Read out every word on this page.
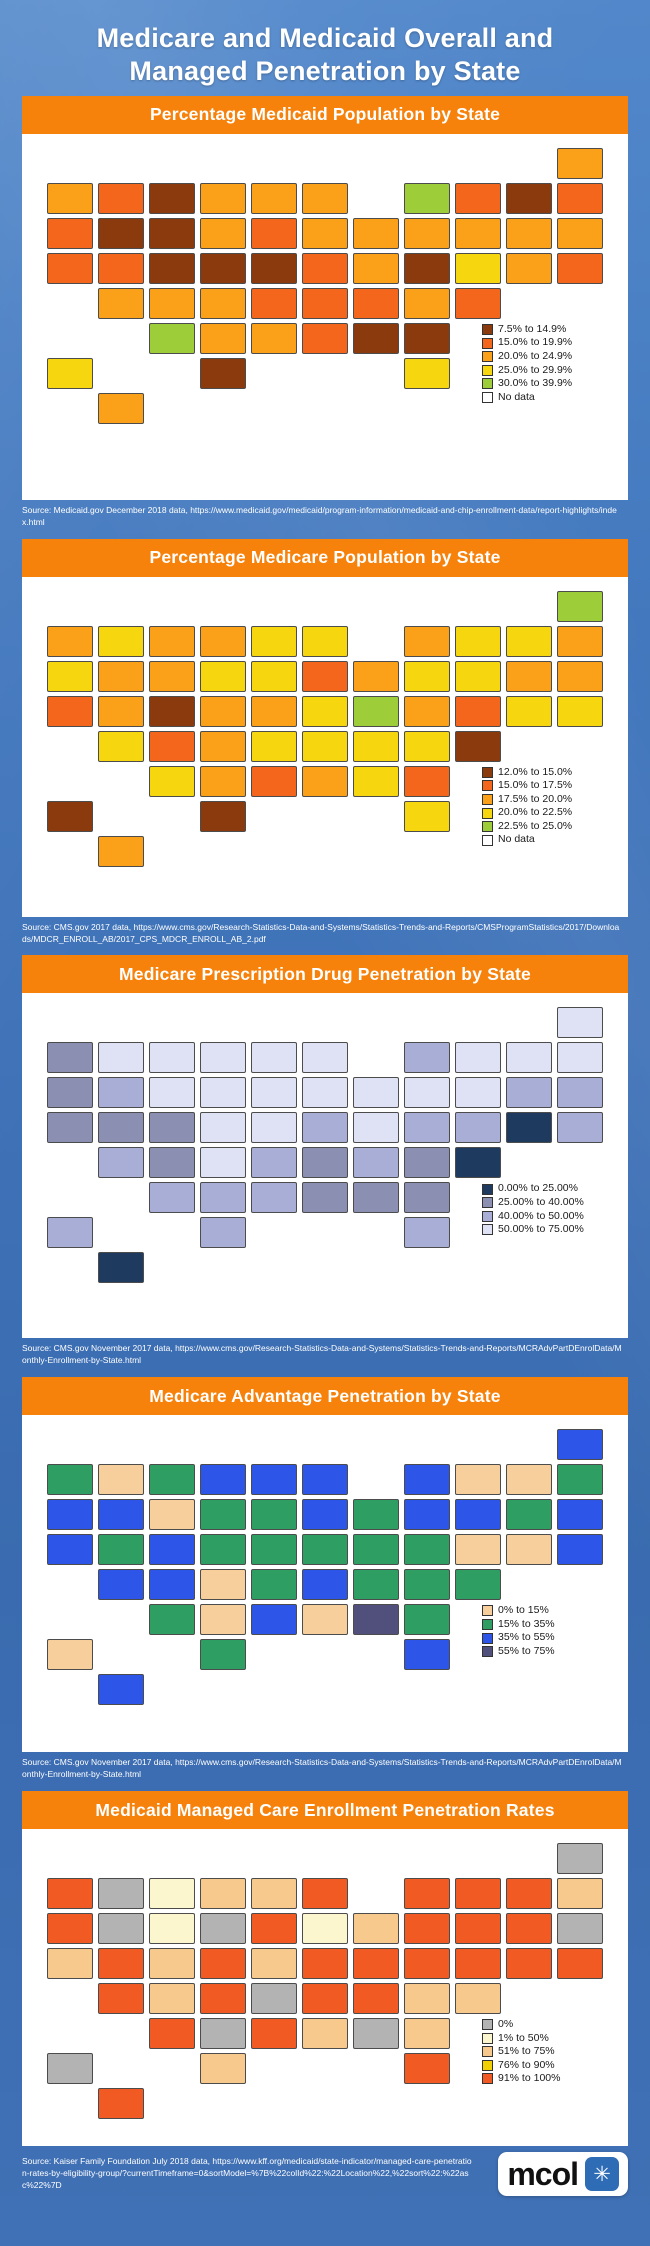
Medicare and Medicaid Overall and Managed Penetration by State
Percentage Medicaid Population by State
7.5% to 14.9%
15.0% to 19.9%
20.0% to 24.9%
25.0% to 29.9%
30.0% to 39.9%
No data

Source: Medicaid.gov December 2018 data, https://www.medicaid.gov/medicaid/program-information/medicaid-and-chip-enrollment-data/report-highlights/index.html

Percentage Medicare Population by State
12.0% to 15.0%
15.0% to 17.5%
17.5% to 20.0%
20.0% to 22.5%
22.5% to 25.0%
No data

Source: CMS.gov 2017 data, https://www.cms.gov/Research-Statistics-Data-and-Systems/Statistics-Trends-and-Reports/CMSProgramStatistics/2017/Downloads/MDCR_ENROLL_AB/2017_CPS_MDCR_ENROLL_AB_2.pdf

Medicare Prescription Drug Penetration by State
0.00% to 25.00%
25.00% to 40.00%
40.00% to 50.00%
50.00% to 75.00%

Source: CMS.gov November 2017 data, https://www.cms.gov/Research-Statistics-Data-and-Systems/Statistics-Trends-and-Reports/MCRAdvPartDEnrolData/Monthly-Enrollment-by-State.html

Medicare Advantage Penetration by State
0% to 15%
15% to 35%
35% to 55%
55% to 75%

Source: CMS.gov November 2017 data, https://www.cms.gov/Research-Statistics-Data-and-Systems/Statistics-Trends-and-Reports/MCRAdvPartDEnrolData/Monthly-Enrollment-by-State.html

Medicaid Managed Care Enrollment Penetration Rates
0%
1% to 50%
51% to 75%
76% to 90%
91% to 100%

Source: Kaiser Family Foundation July 2018 data, https://www.kff.org/medicaid/state-indicator/managed-care-penetration-rates-by-eligibility-group/?currentTimeframe=0&sortModel=%7B%22colId%22:%22Location%22,%22sort%22:%22asc%22%7D	mcol ✳
